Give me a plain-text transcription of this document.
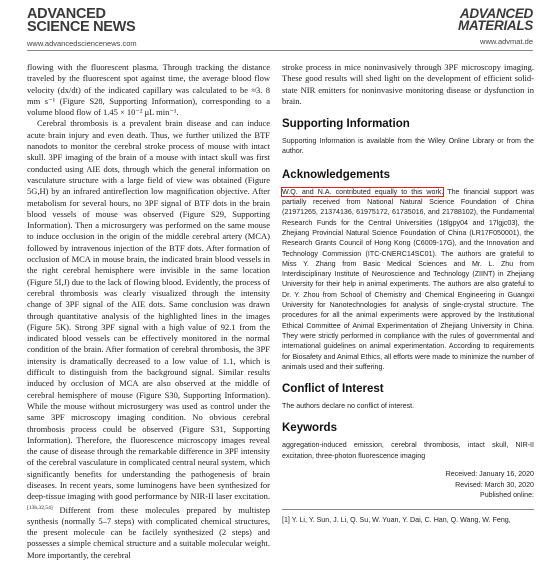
ADVANCED
SCIENCE NEWS
www.advancedsciencenews.com
ADVANCED
MATERIALS
www.advmat.de

flowing with the fluorescent plasma. Through tracking the distance traveled by the fluorescent spot against time, the average blood flow velocity (dx/dt) of the indicated capillary was calculated to be ≈3. 8 mm s⁻¹ (Figure S28, Supporting Information), corresponding to a volume blood flow of 1.45 × 10⁻² μL min⁻¹.

Cerebral thrombosis is a prevalent brain disease and can induce acute brain injury and even death. Thus, we further utilized the BTF nanodots to monitor the cerebral stroke process of mouse with intact skull. 3PF imaging of the brain of a mouse with intact skull was first conducted using AIE dots, through which the general information on vasculature structure with a large field of view was obtained (Figure 5G,H) by an infrared antireflection low magnification objective. After metabolism for several hours, no 3PF signal of BTF dots in the brain blood vessels of mouse was observed (Figure S29, Supporting Information). Then a microsurgery was performed on the same mouse to induce occlusion in the origin of the middle cerebral artery (MCA) followed by intravenous injection of the BTF dots. After formation of occlusion of MCA in mouse brain, the indicated brain blood vessels in the right cerebral hemisphere were invisible in the same location (Figure 5I,J) due to the lack of flowing blood. Evidently, the process of cerebral thrombosis was clearly visualized through the intensity change of 3PF signal of the AIE dots. Same conclusion was drawn through quantitative analysis of the highlighted lines in the images (Figure 5K). Strong 3PF signal with a high value of 92.1 from the indicated blood vessels can be effectively monitored in the normal condition of the brain. After formation of cerebral thrombosis, the 3PF intensity is dramatically decreased to a low value of 1.1, which is difficult to distinguish from the background signal. Similar results induced by occlusion of MCA are also observed at the middle of cerebral hemisphere of mouse (Figure S30, Supporting Information). While the mouse without microsurgery was used as control under the same 3PF microscopy imaging condition. No obvious cerebral thrombosis process could be observed (Figure S31, Supporting Information). Therefore, the fluorescence microscopy images reveal the cause of disease through the remarkable difference in 3PF intensity of the cerebral vasculature in complicated central neural system, which significantly benefits for understanding the pathogenesis of brain diseases. In recent years, some luminogens have been synthesized for deep-tissue imaging with good performance by NIR-II laser excitation.[13b,32,54] Different from these molecules prepared by multistep synthesis (normally 5–7 steps) with complicated chemical structures, the present molecule can be facilely synthesized (2 steps) and possesses a simple chemical structure and a suitable molecular weight. More importantly, the cerebral

stroke process in mice noninvasively through 3PF microscopy imaging. These good results will shed light on the development of efficient solid-state NIR emitters for noninvasive monitoring disease or dysfunction in brain.

Supporting Information

Supporting Information is available from the Wiley Online Library or from the author.

Acknowledgements

W.Q. and N.A. contributed equally to this work. The financial support was partially received from National Natural Science Foundation of China (21971265, 21374136, 61975172, 61735016, and 21788102), the Fundamental Research Funds for the Central Universities (18lgpy04 and 17lgjc03), the Zhejiang Provincial Natural Science Foundation of China (LR17F050001), the Research Grants Council of Hong Kong (C6009-17G), and the Innovation and Technology Commission (ITC-CNERC14SC01). The authors are grateful to Miss Y. Zhang from Basic Medical Sciences and Mr. L. Zhu from Interdisciplinary Institute of Neuroscience and Technology (ZIINT) in Zhejiang University for their help in animal experiments. The authors are also grateful to Dr. Y. Zhou from School of Chemistry and Chemical Engineering in Guangxi University for Nanotechnologies for analysis of single-crystal structure. The procedures for all the animal experiments were approved by the Institutional Ethical Committee of Animal Experimentation of Zhejiang University in China. They were strictly performed in compliance with the rules of governmental and international guidelines on animal experimentation. According to requirements for Biosafety and Animal Ethics, all efforts were made to minimize the number of animals used and their suffering.

Conflict of Interest

The authors declare no conflict of interest.

Keywords

aggregation-induced emission, cerebral thrombosis, intact skull, NIR-II excitation, three-photon fluorescence imaging

Received: January 16, 2020
Revised: March 30, 2020
Published online:
[1] Y. Li, Y. Sun, J. Li, Q. Su, W. Yuan, Y. Dai, C. Han, Q. Wang, W. Feng,
